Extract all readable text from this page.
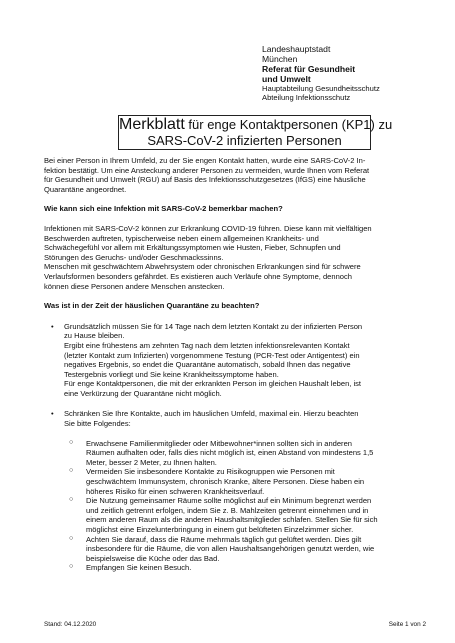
Landeshauptstadt
München
Referat für Gesundheit
und Umwelt
Hauptabteilung Gesundheitsschutz
Abteilung Infektionsschutz
Merkblatt für enge Kontaktpersonen (KP1) zu
SARS-CoV-2 infizierten Personen

Bei einer Person in Ihrem Umfeld, zu der Sie engen Kontakt hatten, wurde eine SARS-CoV-2 In-
fektion bestätigt. Um eine Ansteckung anderer Personen zu vermeiden, wurde Ihnen vom Referat
für Gesundheit und Umwelt (RGU) auf Basis des Infektionsschutzgesetzes (IfGS) eine häusliche
Quarantäne angeordnet.

Wie kann sich eine Infektion mit SARS-CoV-2 bemerkbar machen?

Infektionen mit SARS-CoV-2 können zur Erkrankung COVID-19 führen. Diese kann mit vielfältigen
Beschwerden auftreten, typischerweise neben einem allgemeinen Krankheits- und
Schwächegefühl vor allem mit Erkältungssymptomen wie Husten, Fieber, Schnupfen und
Störungen des Geruchs- und/oder Geschmackssinns.
Menschen mit geschwächtem Abwehrsystem oder chronischen Erkrankungen sind für schwere
Verlaufsformen besonders gefährdet. Es existieren auch Verläufe ohne Symptome, dennoch
können diese Personen andere Menschen anstecken.

Was ist in der Zeit der häuslichen Quarantäne zu beachten?
• Grundsätzlich müssen Sie für 14 Tage nach dem letzten Kontakt zu der infizierten Person
zu Hause bleiben.
Ergibt eine frühestens am zehnten Tag nach dem letzten infektionsrelevanten Kontakt
(letzter Kontakt zum Infizierten) vorgenommene Testung (PCR-Test oder Antigentest) ein
negatives Ergebnis, so endet die Quarantäne automatisch, sobald Ihnen das negative
Testergebnis vorliegt und Sie keine Krankheitssymptome haben.
Für enge Kontaktpersonen, die mit der erkrankten Person im gleichen Haushalt leben, ist
eine Verkürzung der Quarantäne nicht möglich.
• Schränken Sie Ihre Kontakte, auch im häuslichen Umfeld, maximal ein. Hierzu beachten
Sie bitte Folgendes:
○ Erwachsene Familienmitglieder oder Mitbewohner*innen sollten sich in anderen
Räumen aufhalten oder, falls dies nicht möglich ist, einen Abstand von mindestens 1,5
Meter, besser 2 Meter, zu Ihnen halten.
○ Vermeiden Sie insbesondere Kontakte zu Risikogruppen wie Personen mit
geschwächtem Immunsystem, chronisch Kranke, ältere Personen. Diese haben ein
höheres Risiko für einen schweren Krankheitsverlauf.
○ Die Nutzung gemeinsamer Räume sollte möglichst auf ein Minimum begrenzt werden
und zeitlich getrennt erfolgen, indem Sie z. B. Mahlzeiten getrennt einnehmen und in
einem anderen Raum als die anderen Haushaltsmitglieder schlafen. Stellen Sie für sich
möglichst eine Einzelunterbringung in einem gut belüfteten Einzelzimmer sicher.
○ Achten Sie darauf, dass die Räume mehrmals täglich gut gelüftet werden. Dies gilt
insbesondere für die Räume, die von allen Haushaltsangehörigen genutzt werden, wie
beispielsweise die Küche oder das Bad.
○ Empfangen Sie keinen Besuch.
Stand: 04.12.2020	Seite 1 von 2
